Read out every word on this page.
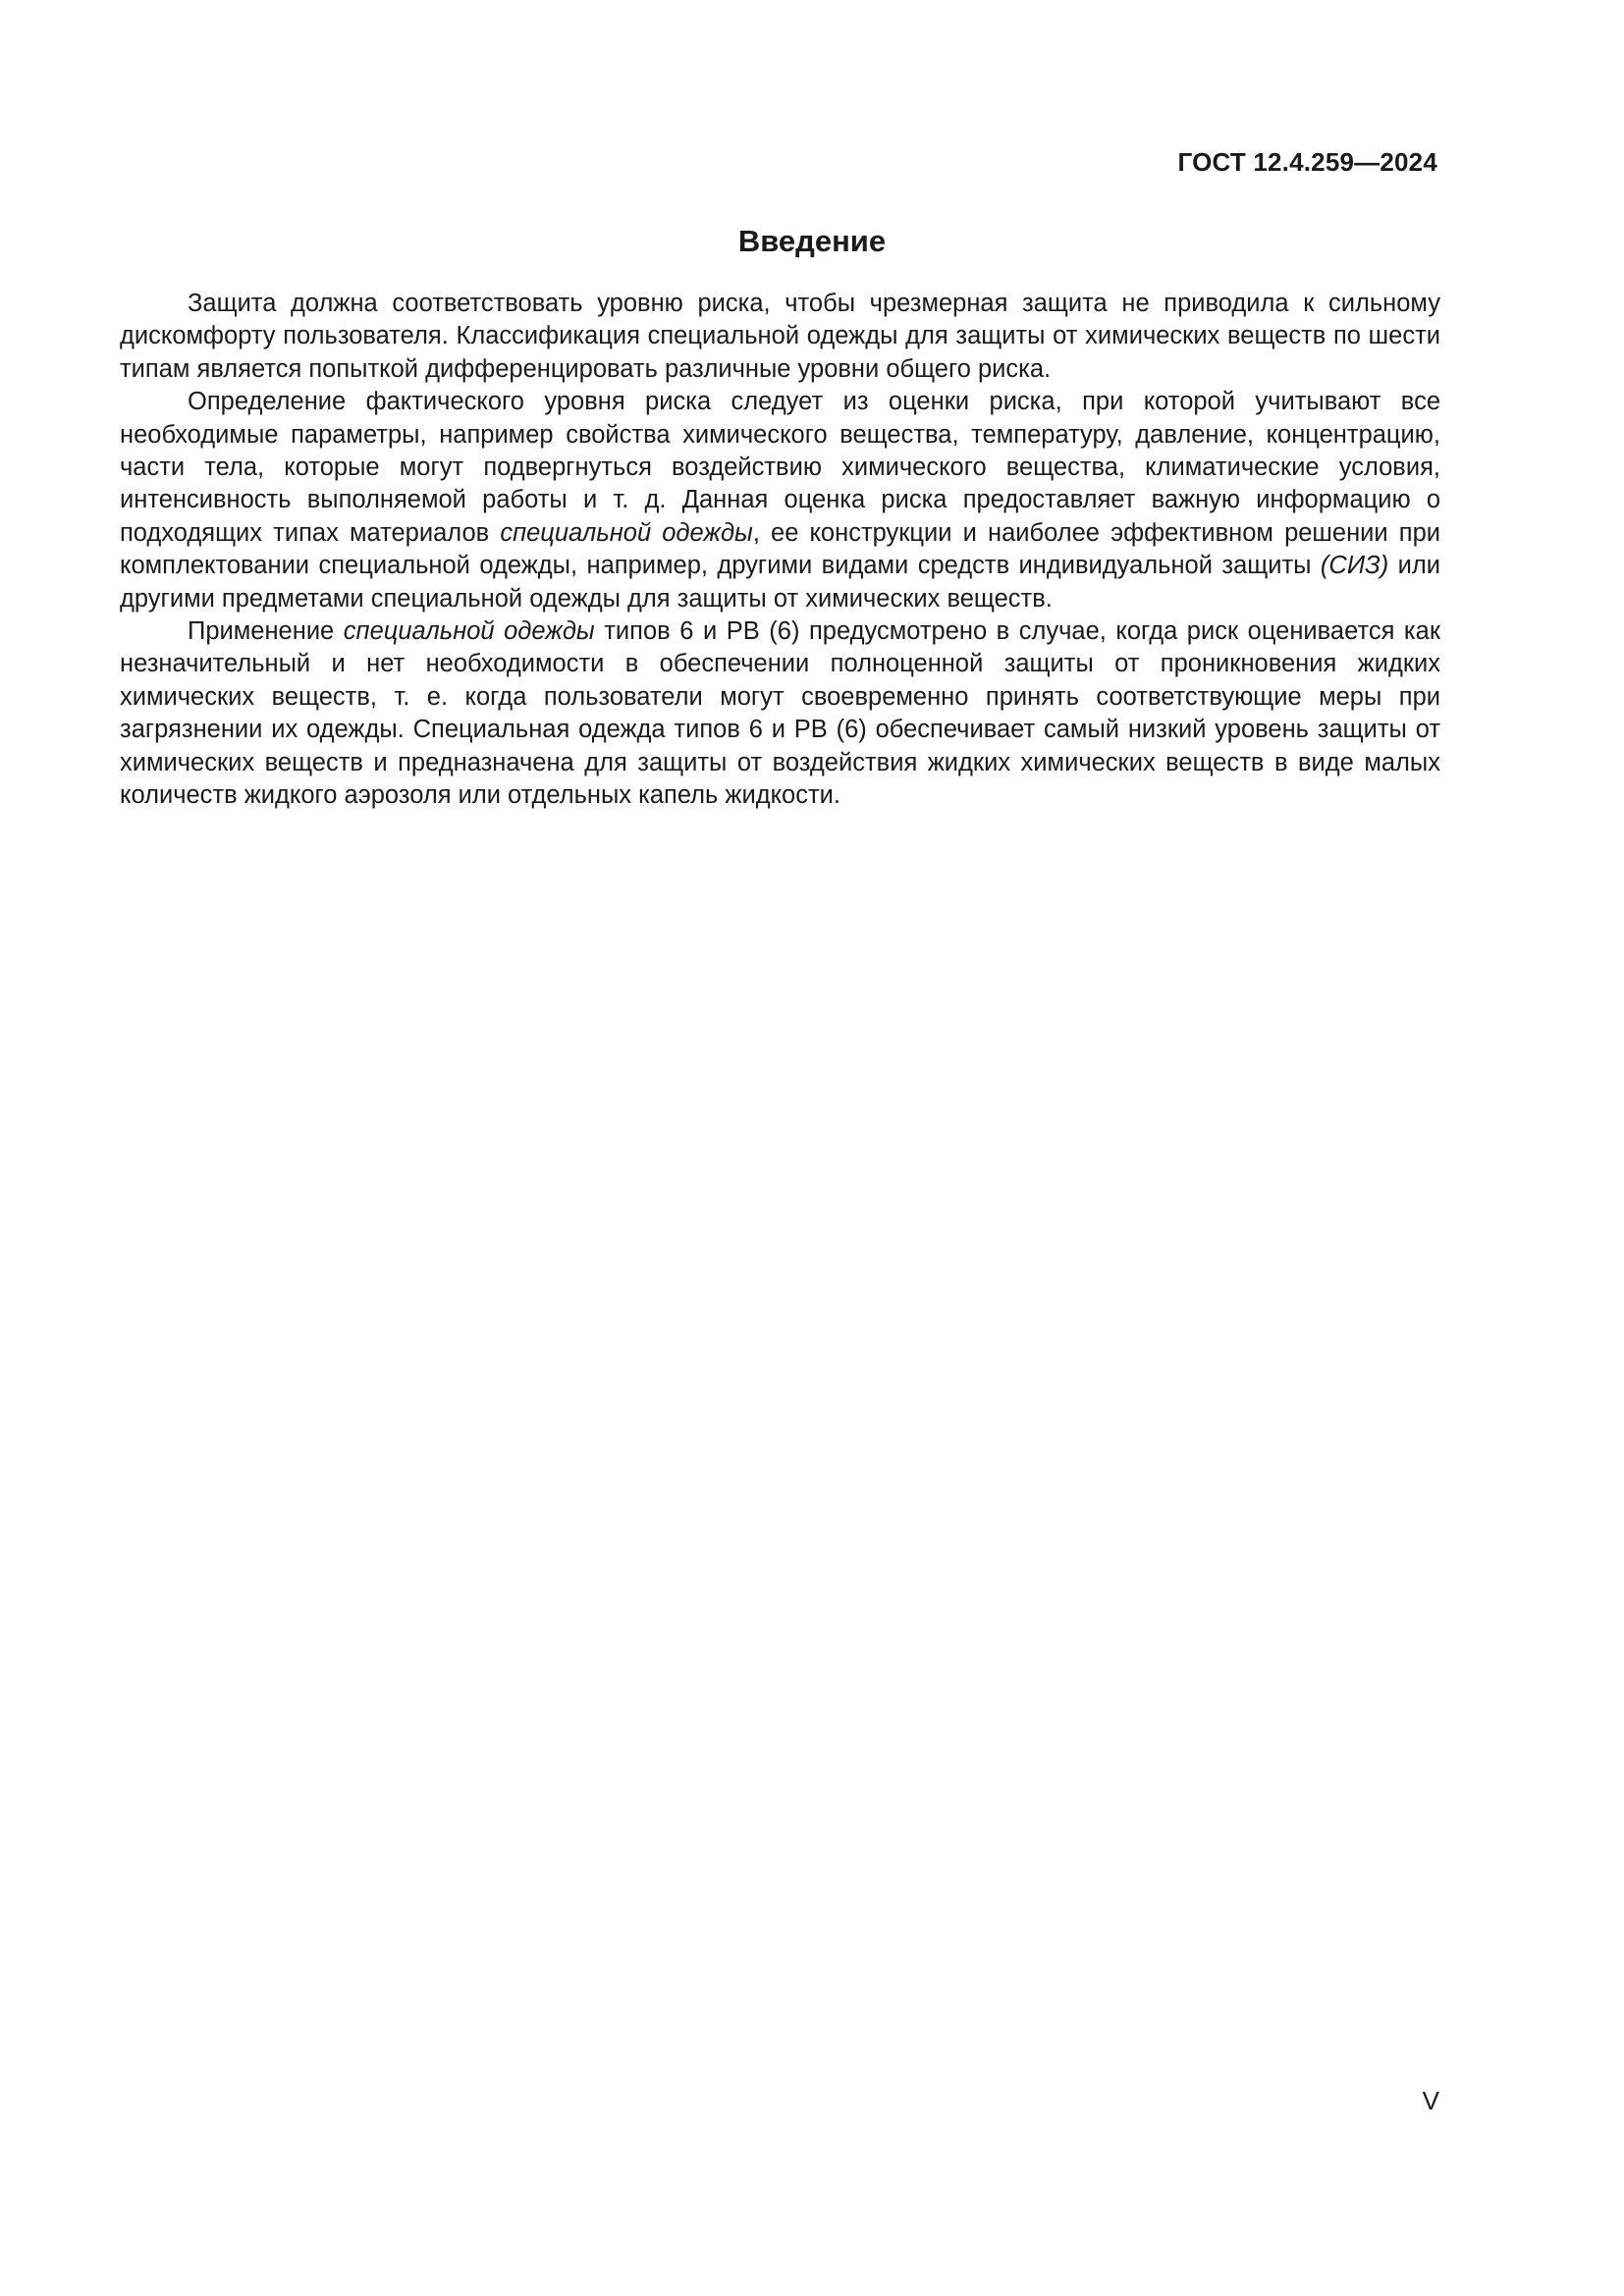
ГОСТ 12.4.259—2024
Введение

Защита должна соответствовать уровню риска, чтобы чрезмерная защита не приводила к сильному дискомфорту пользователя. Классификация специальной одежды для защиты от химических веществ по шести типам является попыткой дифференцировать различные уровни общего риска.

Определение фактического уровня риска следует из оценки риска, при которой учитывают все необходимые параметры, например свойства химического вещества, температуру, давление, концентрацию, части тела, которые могут подвергнуться воздействию химического вещества, климатические условия, интенсивность выполняемой работы и т. д. Данная оценка риска предоставляет важную информацию о подходящих типах материалов специальной одежды, ее конструкции и наиболее эффективном решении при комплектовании специальной одежды, например, другими видами средств индивидуальной защиты (СИЗ) или другими предметами специальной одежды для защиты от химических веществ.

Применение специальной одежды типов 6 и PB (6) предусмотрено в случае, когда риск оценивается как незначительный и нет необходимости в обеспечении полноценной защиты от проникновения жидких химических веществ, т. е. когда пользователи могут своевременно принять соответствующие меры при загрязнении их одежды. Специальная одежда типов 6 и PB (6) обеспечивает самый низкий уровень защиты от химических веществ и предназначена для защиты от воздействия жидких химических веществ в виде малых количеств жидкого аэрозоля или отдельных капель жидкости.

V
